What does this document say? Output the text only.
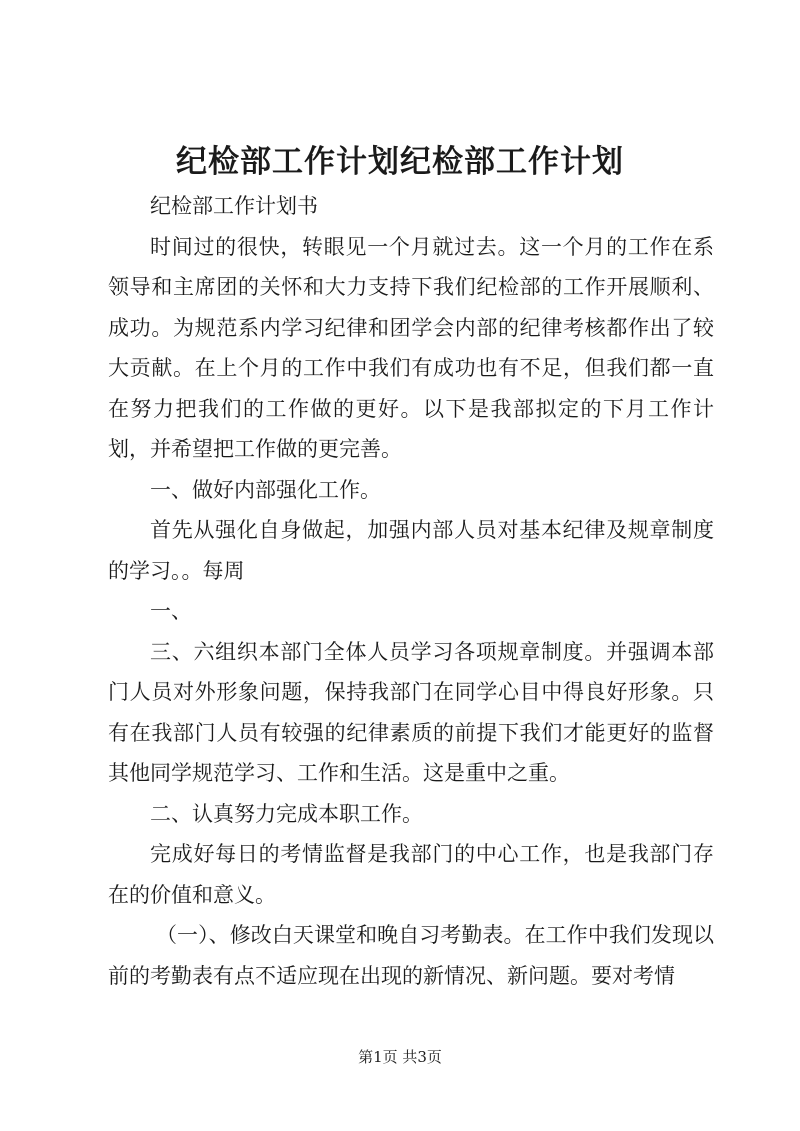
纪检部工作计划纪检部工作计划

纪检部工作计划书

时间过的很快，转眼见一个月就过去。这一个月的工作在系领导和主席团的关怀和大力支持下我们纪检部的工作开展顺利、成功。为规范系内学习纪律和团学会内部的纪律考核都作出了较大贡献。在上个月的工作中我们有成功也有不足，但我们都一直在努力把我们的工作做的更好。以下是我部拟定的下月工作计划，并希望把工作做的更完善。

一、做好内部强化工作。

首先从强化自身做起，加强内部人员对基本纪律及规章制度的学习。。每周

一、

三、六组织本部门全体人员学习各项规章制度。并强调本部门人员对外形象问题，保持我部门在同学心目中得良好形象。只有在我部门人员有较强的纪律素质的前提下我们才能更好的监督其他同学规范学习、工作和生活。这是重中之重。

二、认真努力完成本职工作。

完成好每日的考情监督是我部门的中心工作，也是我部门存在的价值和意义。

（一）、修改白天课堂和晚自习考勤表。在工作中我们发现以前的考勤表有点不适应现在出现的新情况、新问题。要对考情

第1页 共3页
